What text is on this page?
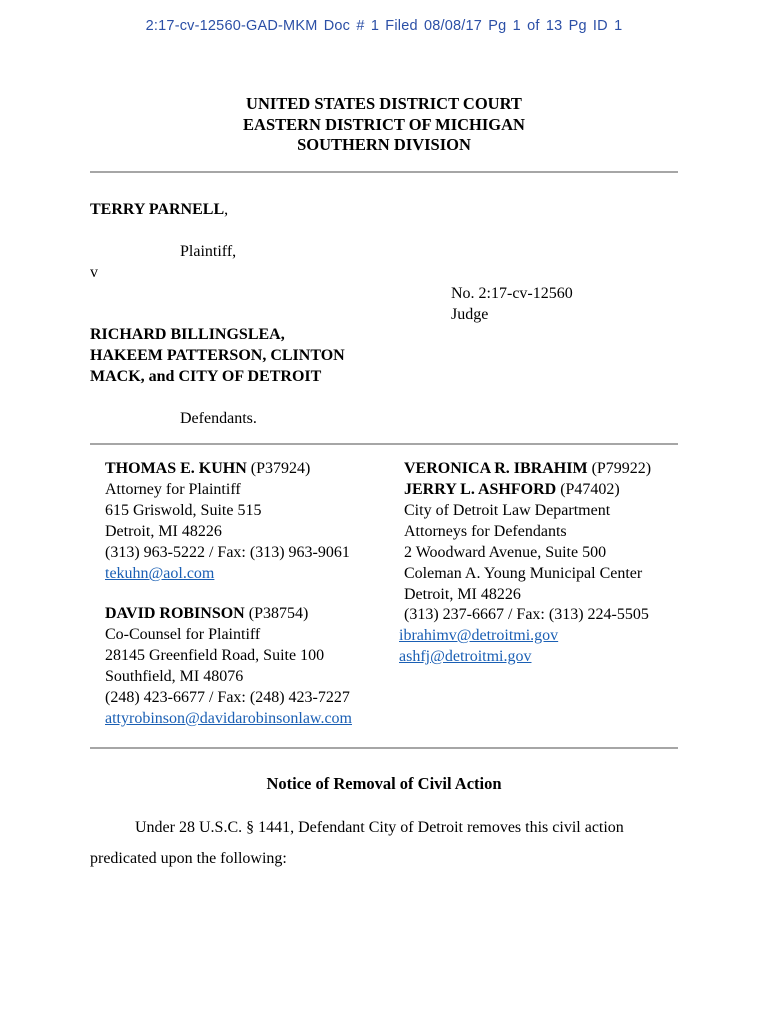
2:17-cv-12560-GAD-MKM Doc # 1 Filed 08/08/17 Pg 1 of 13 Pg ID 1
UNITED STATES DISTRICT COURT
EASTERN DISTRICT OF MICHIGAN
SOUTHERN DIVISION
TERRY PARNELL,
Plaintiff,
v
No. 2:17-cv-12560
Judge
RICHARD BILLINGSLEA,
HAKEEM PATTERSON, CLINTON
MACK, and CITY OF DETROIT
Defendants.
THOMAS E. KUHN (P37924)
Attorney for Plaintiff
615 Griswold, Suite 515
Detroit, MI 48226
(313) 963-5222 / Fax: (313) 963-9061
tekuhn@aol.com
DAVID ROBINSON (P38754)
Co-Counsel for Plaintiff
28145 Greenfield Road, Suite 100
Southfield, MI 48076
(248) 423-6677 / Fax: (248) 423-7227
attyrobinson@davidarobinsonlaw.com
VERONICA R. IBRAHIM (P79922)
JERRY L. ASHFORD (P47402)
City of Detroit Law Department
Attorneys for Defendants
2 Woodward Avenue, Suite 500
Coleman A. Young Municipal Center
Detroit, MI 48226
(313) 237-6667 / Fax: (313) 224-5505
ibrahimv@detroitmi.gov
ashfj@detroitmi.gov
Notice of Removal of Civil Action
Under 28 U.S.C. § 1441, Defendant City of Detroit removes this civil action
predicated upon the following:
